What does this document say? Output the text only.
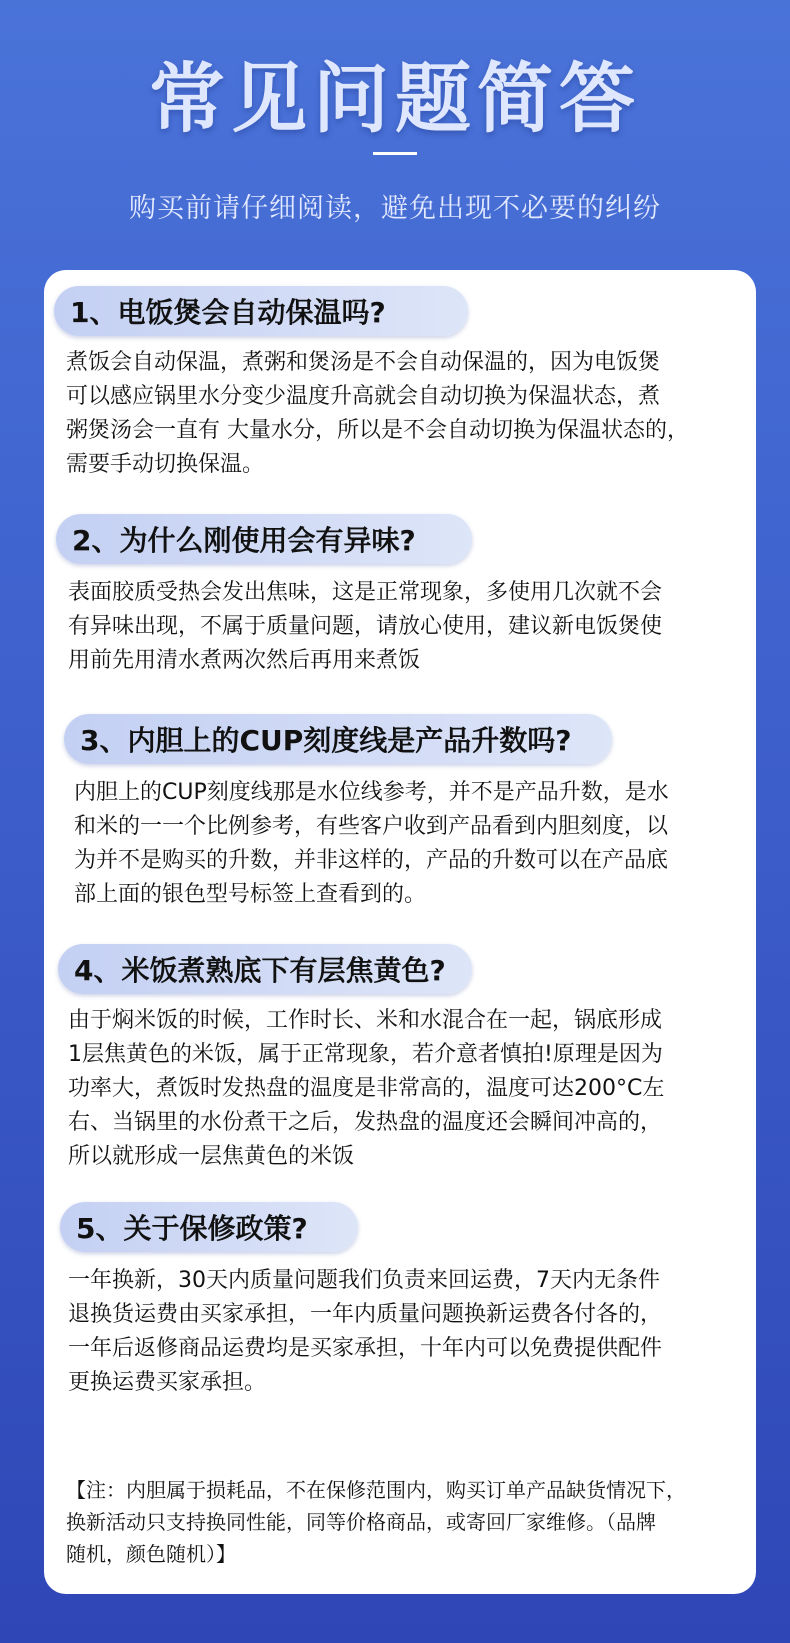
常见问题简答
购买前请仔细阅读，避免出现不必要的纠纷
1、电饭煲会自动保温吗?
煮饭会自动保温，煮粥和煲汤是不会自动保温的，因为电饭煲
可以感应锅里水分变少温度升高就会自动切换为保温状态，煮
粥煲汤会一直有 大量水分，所以是不会自动切换为保温状态的，
需要手动切换保温。
2、为什么刚使用会有异味?
表面胶质受热会发出焦味，这是正常现象，多使用几次就不会
有异味出现，不属于质量问题，请放心使用，建议新电饭煲使
用前先用清水煮两次然后再用来煮饭
3、内胆上的CUP刻度线是产品升数吗?
内胆上的CUP刻度线那是水位线参考，并不是产品升数，是水
和米的一一个比例参考，有些客户收到产品看到内胆刻度，以
为并不是购买的升数，并非这样的，产品的升数可以在产品底
部上面的银色型号标签上查看到的。
4、米饭煮熟底下有层焦黄色?
由于焖米饭的时候，工作时长、米和水混合在一起，锅底形成
1层焦黄色的米饭，属于正常现象，若介意者慎拍!原理是因为
功率大，煮饭时发热盘的温度是非常高的，温度可达200°C左
右、当锅里的水份煮干之后，发热盘的温度还会瞬间冲高的，
所以就形成一层焦黄色的米饭
5、关于保修政策?
一年换新，30天内质量问题我们负责来回运费，7天内无条件
退换货运费由买家承担，一年内质量问题换新运费各付各的，
一年后返修商品运费均是买家承担，十年内可以免费提供配件
更换运费买家承担。
【注：内胆属于损耗品，不在保修范围内，购买订单产品缺货情况下，
换新活动只支持换同性能，同等价格商品，或寄回厂家维修。（品牌
随机，颜色随机）】
